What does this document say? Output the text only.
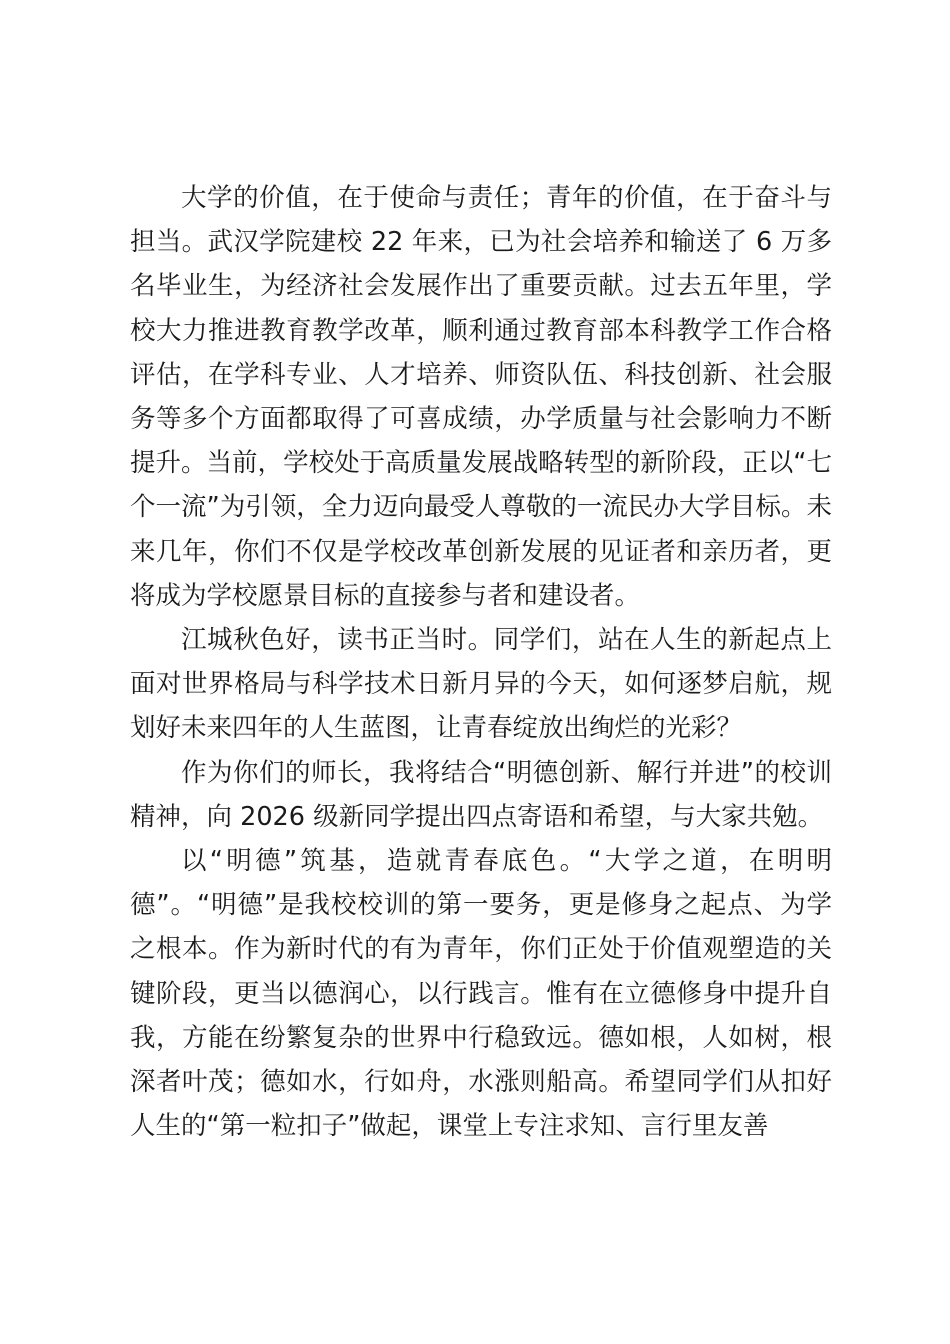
大学的价值，在于使命与责任；青年的价值，在于奋斗与担当。武汉学院建校 22 年来，已为社会培养和输送了 6 万多名毕业生，为经济社会发展作出了重要贡献。过去五年里，学校大力推进教育教学改革，顺利通过教育部本科教学工作合格评估，在学科专业、人才培养、师资队伍、科技创新、社会服务等多个方面都取得了可喜成绩，办学质量与社会影响力不断提升。当前，学校处于高质量发展战略转型的新阶段，正以“七个一流”为引领，全力迈向最受人尊敬的一流民办大学目标。未来几年，你们不仅是学校改革创新发展的见证者和亲历者，更将成为学校愿景目标的直接参与者和建设者。

江城秋色好，读书正当时。同学们，站在人生的新起点上面对世界格局与科学技术日新月异的今天，如何逐梦启航，规划好未来四年的人生蓝图，让青春绽放出绚烂的光彩？

作为你们的师长，我将结合“明德创新、解行并进”的校训精神，向 2026 级新同学提出四点寄语和希望，与大家共勉。

以“明德”筑基，造就青春底色。“大学之道，在明明德”。“明德”是我校校训的第一要务，更是修身之起点、为学之根本。作为新时代的有为青年，你们正处于价值观塑造的关键阶段，更当以德润心，以行践言。惟有在立德修身中提升自我，方能在纷繁复杂的世界中行稳致远。德如根，人如树，根深者叶茂；德如水，行如舟，水涨则船高。希望同学们从扣好人生的“第一粒扣子”做起，课堂上专注求知、言行里友善
